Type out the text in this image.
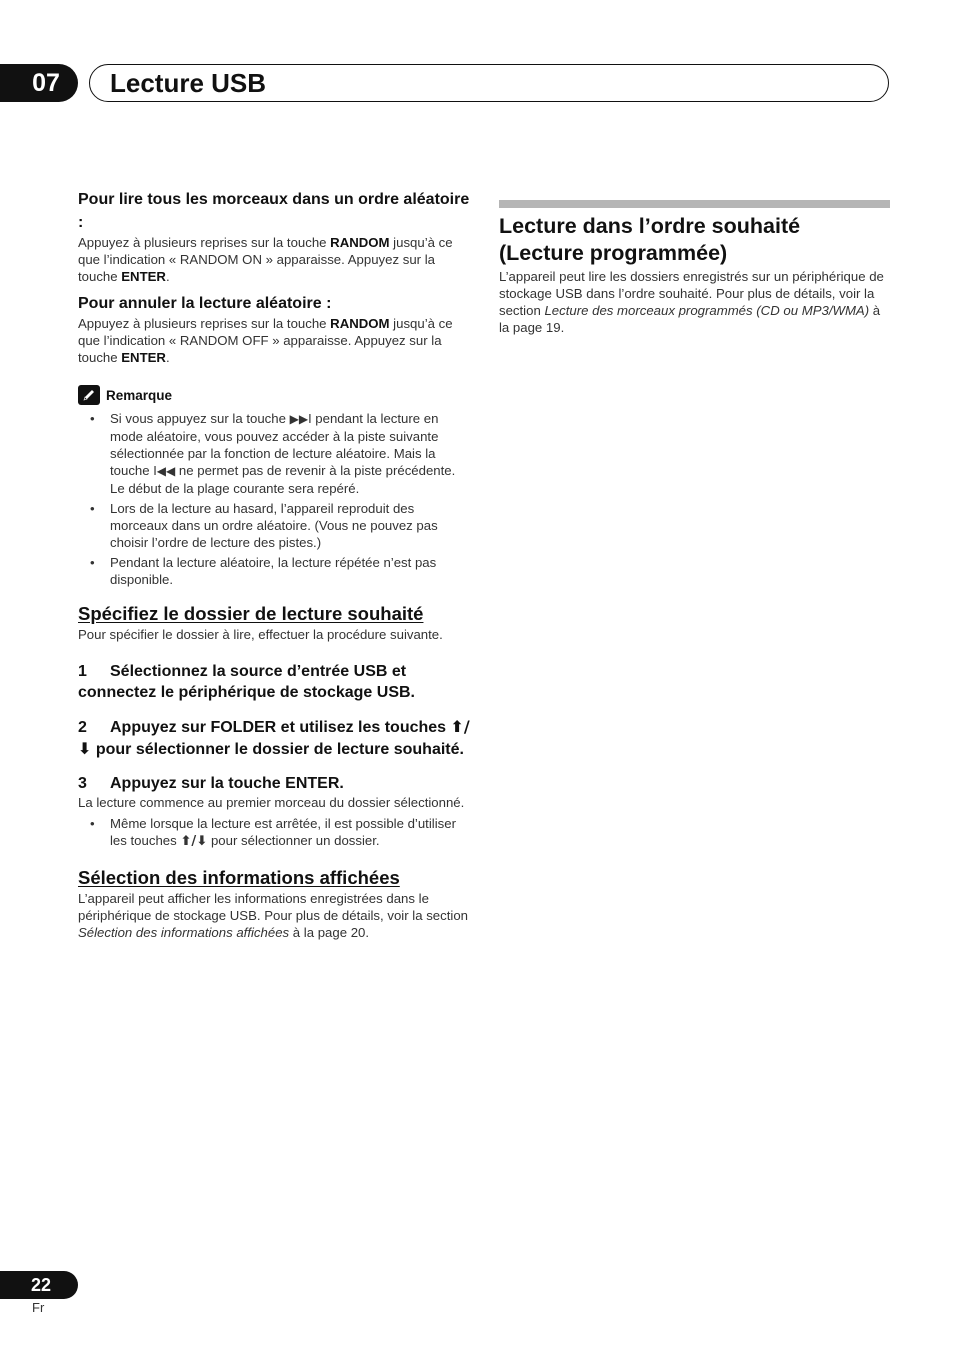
07 Lecture USB

Pour lire tous les morceaux dans un ordre aléatoire :

Appuyez à plusieurs reprises sur la touche RANDOM jusqu’à ce que l’indication « RANDOM ON » apparaisse. Appuyez sur la touche ENTER.

Pour annuler la lecture aléatoire :

Appuyez à plusieurs reprises sur la touche RANDOM jusqu’à ce que l’indication « RANDOM OFF » apparaisse. Appuyez sur la touche ENTER.

Remarque
• Si vous appuyez sur la touche ▶▶I pendant la lecture en mode aléatoire, vous pouvez accéder à la piste suivante sélectionnée par la fonction de lecture aléatoire. Mais la touche I◀◀ ne permet pas de revenir à la piste précédente. Le début de la plage courante sera repéré.
• Lors de la lecture au hasard, l’appareil reproduit des morceaux dans un ordre aléatoire. (Vous ne pouvez pas choisir l’ordre de lecture des pistes.)
• Pendant la lecture aléatoire, la lecture répétée n’est pas disponible.

Spécifiez le dossier de lecture souhaité

Pour spécifier le dossier à lire, effectuer la procédure suivante.

1 Sélectionnez la source d’entrée USB et connectez le périphérique de stockage USB.

2 Appuyez sur FOLDER et utilisez les touches ⬆/⬇ pour sélectionner le dossier de lecture souhaité.

3 Appuyez sur la touche ENTER.

La lecture commence au premier morceau du dossier sélectionné.

• Même lorsque la lecture est arrêtée, il est possible d’utiliser les touches ⬆/⬇ pour sélectionner un dossier.

Sélection des informations affichées

L’appareil peut afficher les informations enregistrées dans le périphérique de stockage USB. Pour plus de détails, voir la section Sélection des informations affichées à la page 20.

Lecture dans l’ordre souhaité (Lecture programmée)

L’appareil peut lire les dossiers enregistrés sur un périphérique de stockage USB dans l’ordre souhaité. Pour plus de détails, voir la section Lecture des morceaux programmés (CD ou MP3/WMA) à la page 19.

22
Fr
